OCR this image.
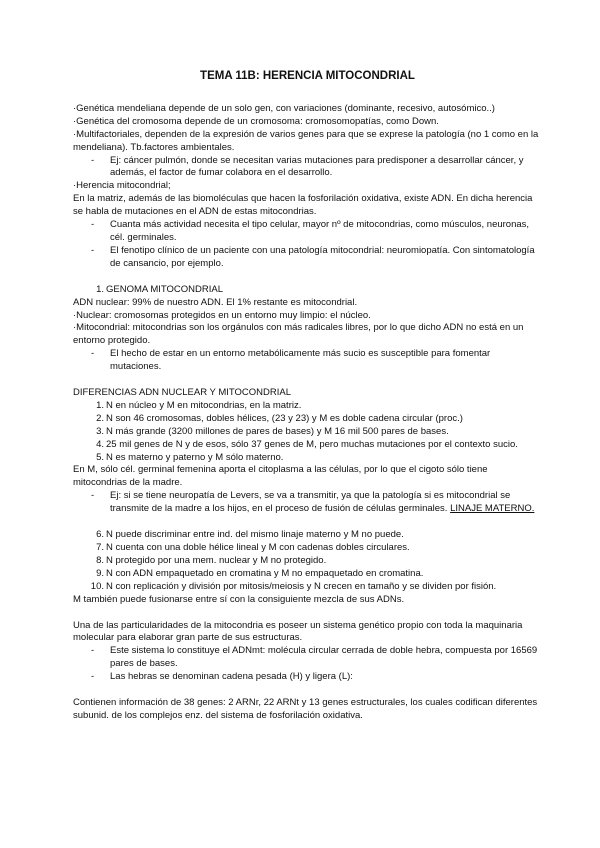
TEMA 11B: HERENCIA MITOCONDRIAL

·Genética mendeliana depende de un solo gen, con variaciones (dominante, recesivo, autosómico..)

·Genética del cromosoma depende de un cromosoma: cromosomopatías, como Down.

·Multifactoriales, dependen de la expresión de varios genes para que se exprese la patología (no 1 como en la mendeliana). Tb.factores ambientales.

- Ej: cáncer pulmón, donde se necesitan varias mutaciones para predisponer a desarrollar cáncer, y además, el factor de fumar colabora en el desarrollo.

·Herencia mitocondrial;

En la matriz, además de las biomoléculas que hacen la fosforilación oxidativa, existe ADN. En dicha herencia se habla de mutaciones en el ADN de estas mitocondrias.

- Cuanta más actividad necesita el tipo celular, mayor nº de mitocondrias, como músculos, neuronas, cél. germinales.
- El fenotipo clínico de un paciente con una patología mitocondrial: neuromiopatía. Con sintomatología de cansancio, por ejemplo.
1. GENOMA MITOCONDRIAL

ADN nuclear: 99% de nuestro ADN. El 1% restante es mitocondrial.

·Nuclear: cromosomas protegidos en un entorno muy limpio: el núcleo.

·Mitocondrial: mitocondrias son los orgánulos con más radicales libres, por lo que dicho ADN no está en un entorno protegido.

- El hecho de estar en un entorno metabólicamente más sucio es susceptible para fomentar mutaciones.

DIFERENCIAS ADN NUCLEAR Y MITOCONDRIAL

1. N en núcleo y M en mitocondrias, en la matriz.
2. N son 46 cromosomas, dobles hélices, (23 y 23) y M es doble cadena circular (proc.)
3. N más grande (3200 millones de pares de bases) y M 16 mil 500 pares de bases.
4. 25 mil genes de N y de esos, sólo 37 genes de M, pero muchas mutaciones por el contexto sucio.
5. N es materno y paterno y M sólo materno.

En M, sólo cél. germinal femenina aporta el citoplasma a las células, por lo que el cigoto sólo tiene mitocondrias de la madre.

- Ej: si se tiene neuropatía de Levers, se va a transmitir, ya que la patología si es mitocondrial se transmite de la madre a los hijos, en el proceso de fusión de células germinales. LINAJE MATERNO.
6. N puede discriminar entre ind. del mismo linaje materno y M no puede.
7. N cuenta con una doble hélice lineal y M con cadenas dobles circulares.
8. N protegido por una mem. nuclear y M no protegido.
9. N con ADN empaquetado en cromatina y M no empaquetado en cromatina.
10. N con replicación y división por mitosis/meiosis y N crecen en tamaño y se dividen por fisión.

M también puede fusionarse entre sí con la consiguiente mezcla de sus ADNs.

Una de las particularidades de la mitocondria es poseer un sistema genético propio con toda la maquinaria molecular para elaborar gran parte de sus estructuras.

- Este sistema lo constituye el ADNmt: molécula circular cerrada de doble hebra, compuesta por 16569 pares de bases.
- Las hebras se denominan cadena pesada (H) y ligera (L):

Contienen información de 38 genes: 2 ARNr, 22 ARNt y 13 genes estructurales, los cuales codifican diferentes subunid. de los complejos enz. del sistema de fosforilación oxidativa.
